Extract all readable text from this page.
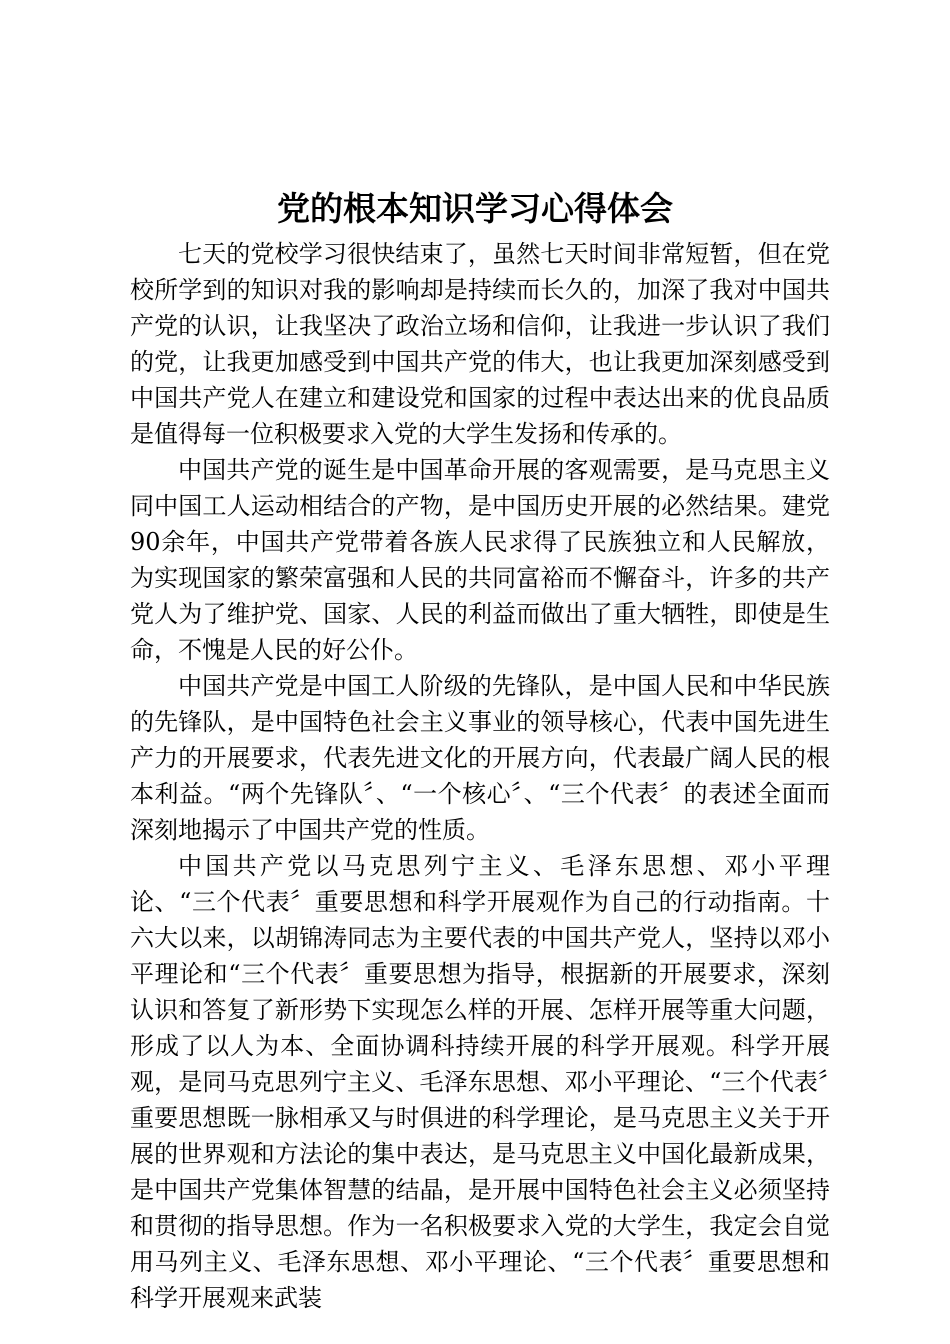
党的根本知识学习心得体会

七天的党校学习很快结束了，虽然七天时间非常短暂，但在党校所学到的知识对我的影响却是持续而长久的，加深了我对中国共产党的认识，让我坚决了政治立场和信仰，让我进一步认识了我们的党，让我更加感受到中国共产党的伟大，也让我更加深刻感受到中国共产党人在建立和建设党和国家的过程中表达出来的优良品质是值得每一位积极要求入党的大学生发扬和传承的。

中国共产党的诞生是中国革命开展的客观需要，是马克思主义同中国工人运动相结合的产物，是中国历史开展的必然结果。建党90余年，中国共产党带着各族人民求得了民族独立和人民解放，为实现国家的繁荣富强和人民的共同富裕而不懈奋斗，许多的共产党人为了维护党、国家、人民的利益而做出了重大牺牲，即使是生命，不愧是人民的好公仆。

中国共产党是中国工人阶级的先锋队，是中国人民和中华民族的先锋队，是中国特色社会主义事业的领导核心，代表中国先进生产力的开展要求，代表先进文化的开展方向，代表最广阔人民的根本利益。“两个先锋队〞、“一个核心〞、“三个代表〞的表述全面而深刻地揭示了中国共产党的性质。

中国共产党以马克思列宁主义、毛泽东思想、邓小平理论、“三个代表〞重要思想和科学开展观作为自己的行动指南。十六大以来，以胡锦涛同志为主要代表的中国共产党人，坚持以邓小平理论和“三个代表〞重要思想为指导，根据新的开展要求，深刻认识和答复了新形势下实现怎么样的开展、怎样开展等重大问题，形成了以人为本、全面协调科持续开展的科学开展观。科学开展观，是同马克思列宁主义、毛泽东思想、邓小平理论、“三个代表〞重要思想既一脉相承又与时俱进的科学理论，是马克思主义关于开展的世界观和方法论的集中表达，是马克思主义中国化最新成果，是中国共产党集体智慧的结晶，是开展中国特色社会主义必须坚持和贯彻的指导思想。作为一名积极要求入党的大学生，我定会自觉用马列主义、毛泽东思想、邓小平理论、“三个代表〞重要思想和科学开展观来武装
